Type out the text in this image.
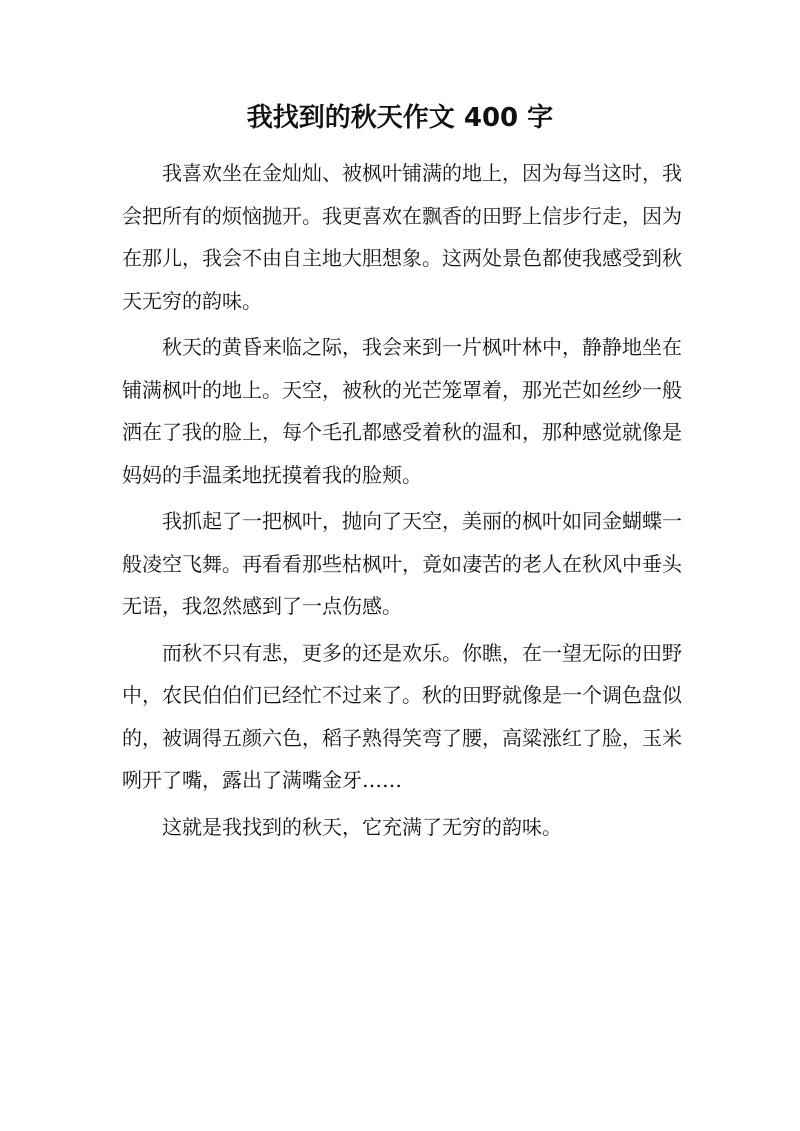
我找到的秋天作文 400 字

我喜欢坐在金灿灿、被枫叶铺满的地上，因为每当这时，我会把所有的烦恼抛开。我更喜欢在飘香的田野上信步行走，因为在那儿，我会不由自主地大胆想象。这两处景色都使我感受到秋天无穷的韵味。

秋天的黄昏来临之际，我会来到一片枫叶林中，静静地坐在铺满枫叶的地上。天空，被秋的光芒笼罩着，那光芒如丝纱一般洒在了我的脸上，每个毛孔都感受着秋的温和，那种感觉就像是妈妈的手温柔地抚摸着我的脸颊。

我抓起了一把枫叶，抛向了天空，美丽的枫叶如同金蝴蝶一般凌空飞舞。再看看那些枯枫叶，竟如凄苦的老人在秋风中垂头无语，我忽然感到了一点伤感。

而秋不只有悲，更多的还是欢乐。你瞧，在一望无际的田野中，农民伯伯们已经忙不过来了。秋的田野就像是一个调色盘似的，被调得五颜六色，稻子熟得笑弯了腰，高粱涨红了脸，玉米咧开了嘴，露出了满嘴金牙……

这就是我找到的秋天，它充满了无穷的韵味。
